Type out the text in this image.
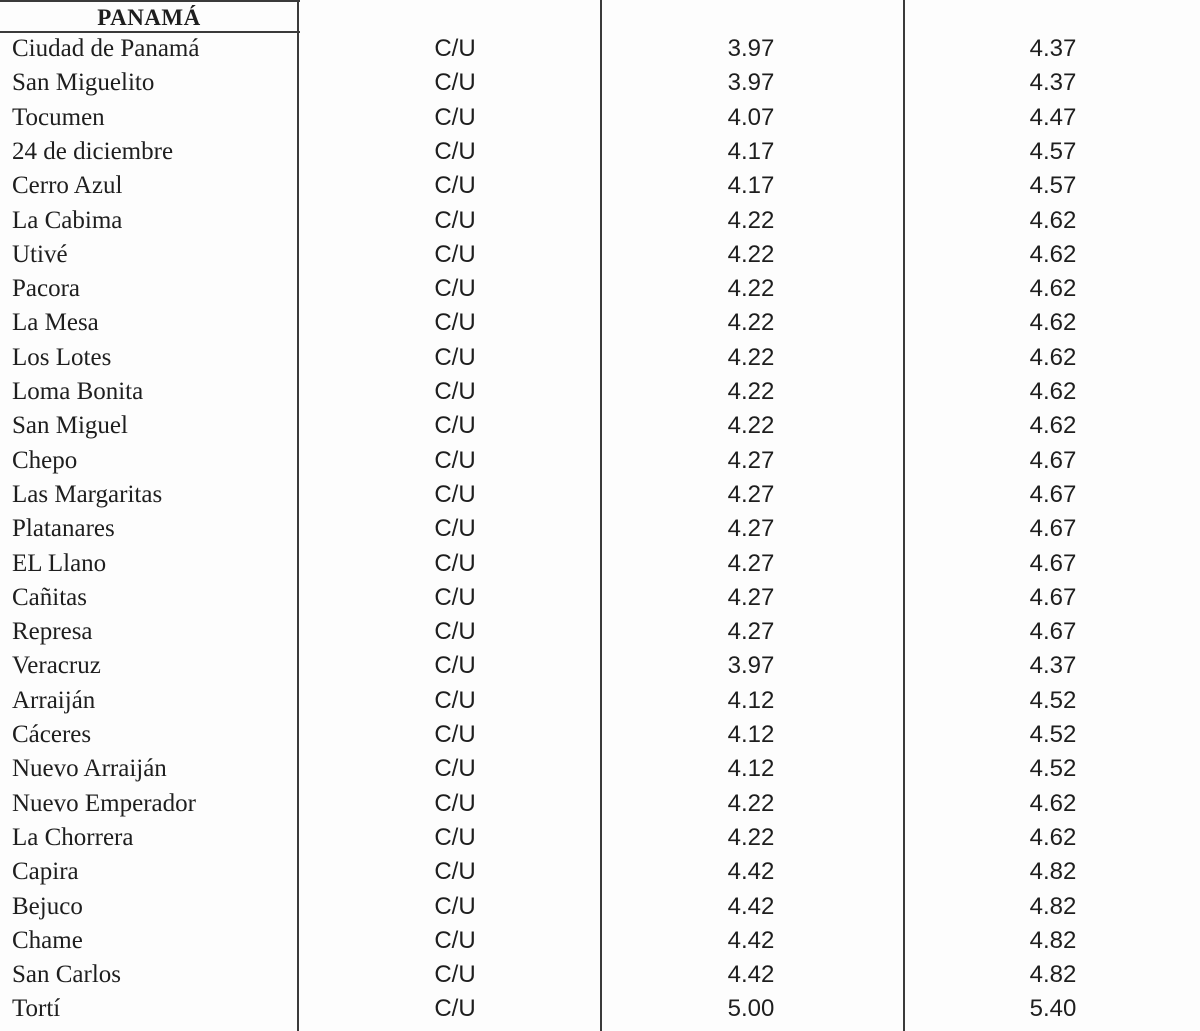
PANAMÁ
Ciudad de Panamá	C/U	3.97	4.37
San Miguelito	C/U	3.97	4.37
Tocumen	C/U	4.07	4.47
24 de diciembre	C/U	4.17	4.57
Cerro Azul	C/U	4.17	4.57
La Cabima	C/U	4.22	4.62
Utivé	C/U	4.22	4.62
Pacora	C/U	4.22	4.62
La Mesa	C/U	4.22	4.62
Los Lotes	C/U	4.22	4.62
Loma Bonita	C/U	4.22	4.62
San Miguel	C/U	4.22	4.62
Chepo	C/U	4.27	4.67
Las Margaritas	C/U	4.27	4.67
Platanares	C/U	4.27	4.67
EL Llano	C/U	4.27	4.67
Cañitas	C/U	4.27	4.67
Represa	C/U	4.27	4.67
Veracruz	C/U	3.97	4.37
Arraiján	C/U	4.12	4.52
Cáceres	C/U	4.12	4.52
Nuevo Arraiján	C/U	4.12	4.52
Nuevo Emperador	C/U	4.22	4.62
La Chorrera	C/U	4.22	4.62
Capira	C/U	4.42	4.82
Bejuco	C/U	4.42	4.82
Chame	C/U	4.42	4.82
San Carlos	C/U	4.42	4.82
Tortí	C/U	5.00	5.40
